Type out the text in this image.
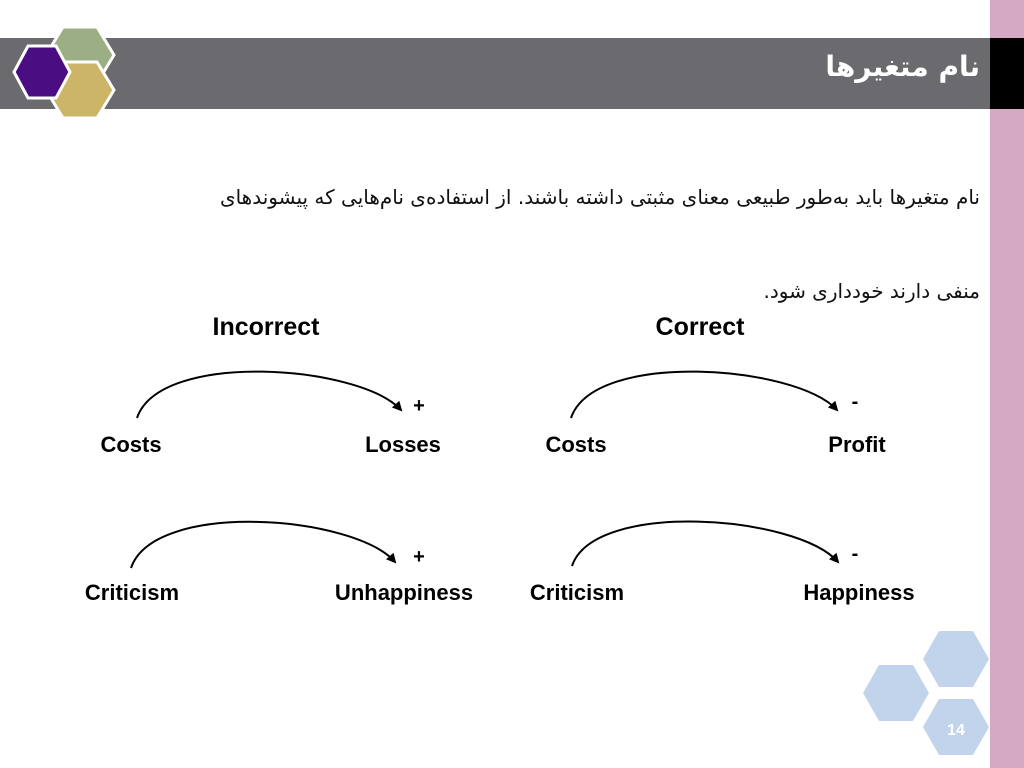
نام متغیرها

نام متغیرها باید به‌طور طبیعی معنای مثبتی داشته باشند. از استفاده‌ی نام‌هایی که پیشوندهای

منفی دارند خودداری شود.

Incorrect	Correct
Costs	Losses
+
Costs	Profit
-
Criticism	Unhappiness
+
Criticism	Happiness
-
14
